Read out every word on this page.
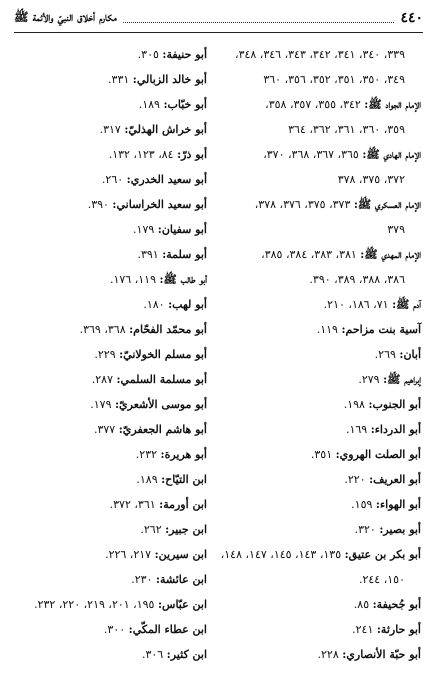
٤٤٠
مكارم أخلاق النبيّ والأئمة ﷺ
٣٣٩، ٣٤٠، ٣٤١، ٣٤٢، ٣٤٣، ٣٤٦، ٣٤٨،
٣٤٩، ٣٥٠، ٣٥١، ٣٥٢، ٣٥٦، ٣٦٠
الإمام الجواد ﷺ: ٣٤٢، ٣٥٥، ٣٥٧، ٣٥٨،
٣٥٩، ٣٦٠، ٣٦١، ٣٦٢، ٣٦٤
الإمام الهادي ﷺ: ٣٦٥، ٣٦٧، ٣٦٨، ٣٧٠،
٣٧٢، ٣٧٥، ٣٧٨
الإمام العسكري ﷺ: ٣٧٣، ٣٧٥، ٣٧٦، ٣٧٨،
٣٧٩
الإمام المهدي ﷺ: ٣٨١، ٣٨٣، ٣٨٤، ٣٨٥،
٣٨٦، ٣٨٨، ٣٨٩، ٣٩٠.
آدم ﷺ: ٧١، ١٨٦، ٢١٠.
آسية بنت مزاحم: ١١٩.
أبان: ٢٦٩.
إبراهيم ﷺ: ٢٧٩.
أبو الجنوب: ١٩٨.
أبو الدرداء: ١٦٩.
أبو الصلت الهروي: ٣٥١.
أبو العريف: ٢٢٠.
أبو الهواء: ١٥٩.
أبو بصير: ٣٢٠.
أبو بكر بن عتيق: ١٣٥، ١٤٣، ١٤٥، ١٤٧، ١٤٨،
١٥٠، ٢٤٤.
أبو جُحيفة: ٨٥.
أبو حارثة: ٢٤١.
أبو حبّة الأنصاري: ٢٢٨.
أبو حنيفة: ٣٠٥.
أبو خالد الزبالي: ٣٣١.
أبو خبّاب: ١٨٩.
أبو خراش الهذليّ: ٣١٧.
أبو ذرّ: ٨٤، ١٢٣، ١٣٢.
أبو سعيد الخدري: ٢٦٠.
أبو سعيد الخراساني: ٣٩٠.
أبو سفيان: ١٧٩.
أبو سلمة: ٣٩١.
أبو طالب ﷺ: ١١٩، ١٧٦.
أبو لهب: ١٨٠.
أبو محمّد الفحّام: ٣٦٨، ٣٦٩.
أبو مسلم الخولانيّ: ٢٢٩.
أبو مسلمة السلمي: ٢٨٧.
أبو موسى الأشعريّ: ١٧٩.
أبو هاشم الجعفريّ: ٣٧٧.
أبو هريرة: ٢٣٢.
ابن التيّاح: ١٨٩.
ابن أورمة: ٣٦١، ٣٧٢.
ابن جبير: ٢٦٢.
ابن سيرين: ٢١٧، ٢٢٦.
ابن عائشة: ٢٣٠.
ابن عبّاس: ١٩٥، ٢٠١، ٢١٩، ٢٢٠، ٢٣٢.
ابن عطاء المكّي: ٣٠٠.
ابن كثير: ٣٠٦.
